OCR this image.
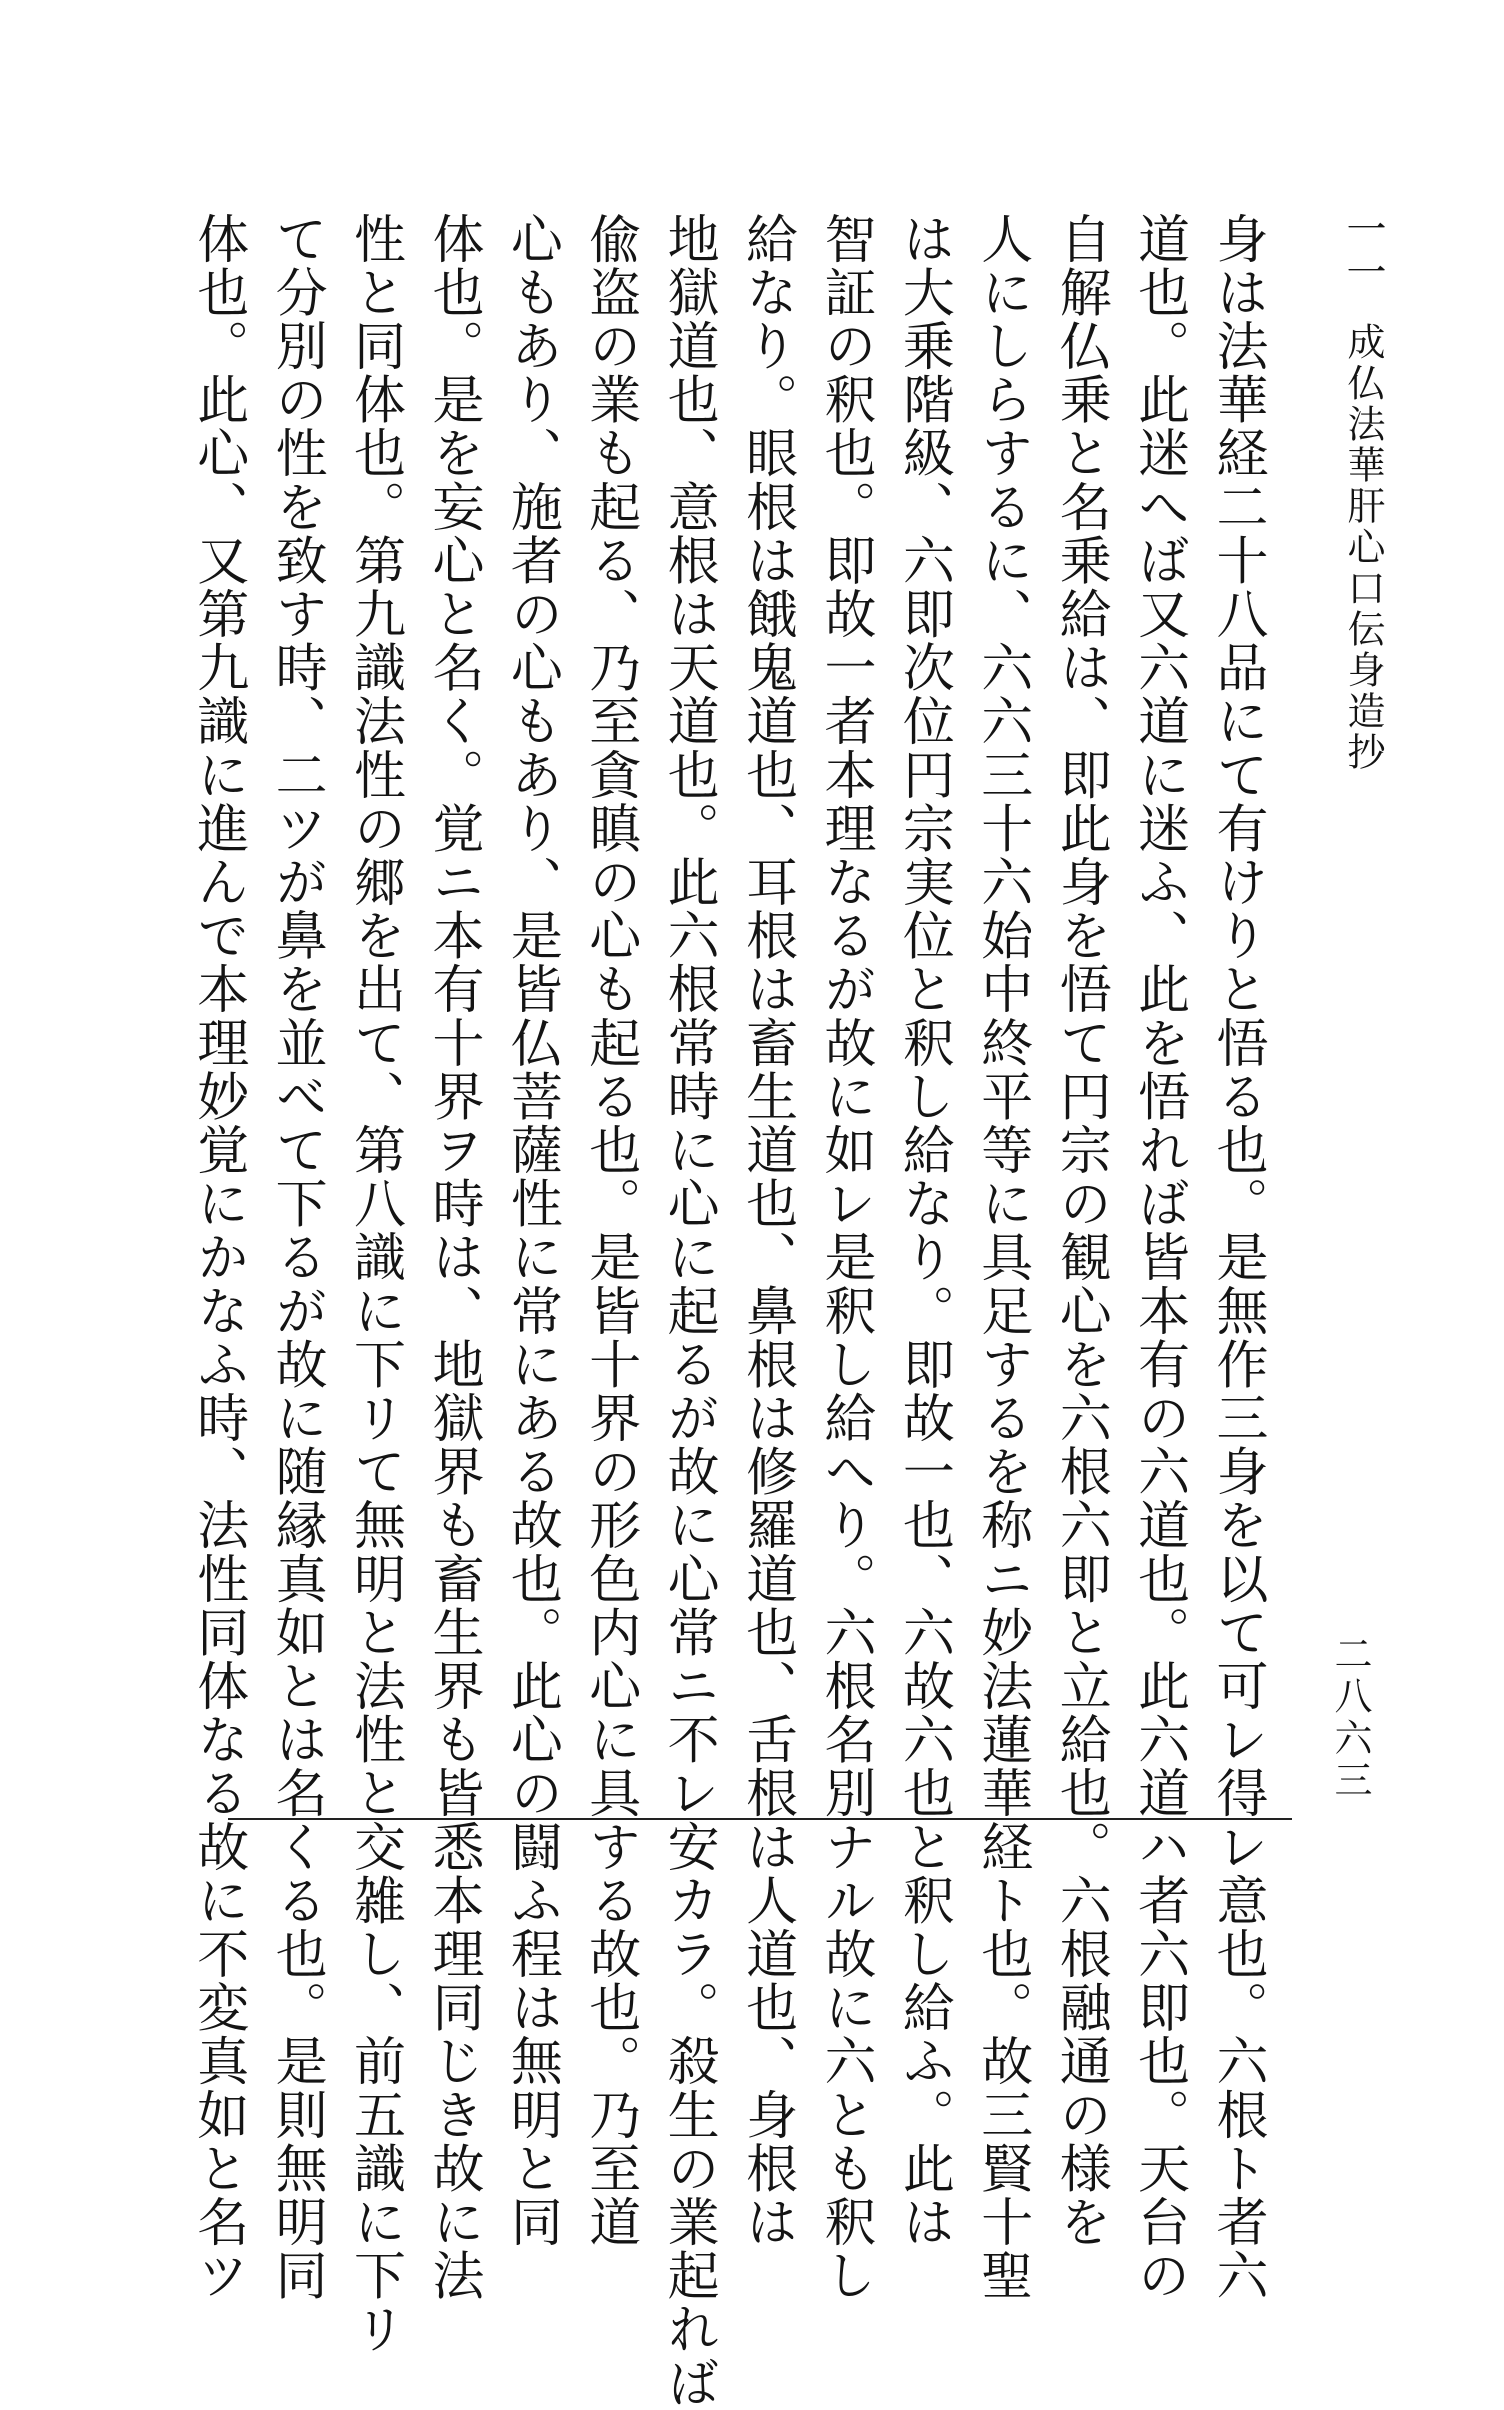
身は法華経二十八品にて有けりと悟る也。是無作三身を以て可レ得レ意也。六根ト者六
道也。此迷へば又六道に迷ふ、此を悟れば皆本有の六道也。此六道ハ者六即也。天台の
自解仏乗と名乗給は、即此身を悟て円宗の観心を六根六即と立給也。六根融通の様を
人にしらするに、六六三十六始中終平等に具足するを称ニ妙法蓮華経ト也。故三賢十聖
は大乗階級、六即次位円宗実位と釈し給なり。即故一也、六故六也と釈し給ふ。此は
智証の釈也。即故一者本理なるが故に如レ是釈し給へり。六根名別ナル故に六とも釈し
給なり。眼根は餓鬼道也、耳根は畜生道也、鼻根は修羅道也、舌根は人道也、身根は
地獄道也、意根は天道也。此六根常時に心に起るが故に心常ニ不レ安カラ。殺生の業起れば
偸盗の業も起る、乃至貪瞋の心も起る也。是皆十界の形色内心に具する故也。乃至道
心もあり、施者の心もあり、是皆仏菩薩性に常にある故也。此心の闘ふ程は無明と同
体也。是を妄心と名く。覚ニ本有十界ヲ時は、地獄界も畜生界も皆悉本理同じき故に法
性と同体也。第九識法性の郷を出て、第八識に下リて無明と法性と交雑し、前五識に下リ
て分別の性を致す時、二ツが鼻を並べて下るが故に随縁真如とは名くる也。是則無明同
体也。此心、又第九識に進んで本理妙覚にかなふ時、法性同体なる故に不変真如と名ツ	一一
成仏法華肝心口伝身造抄
二八六三
